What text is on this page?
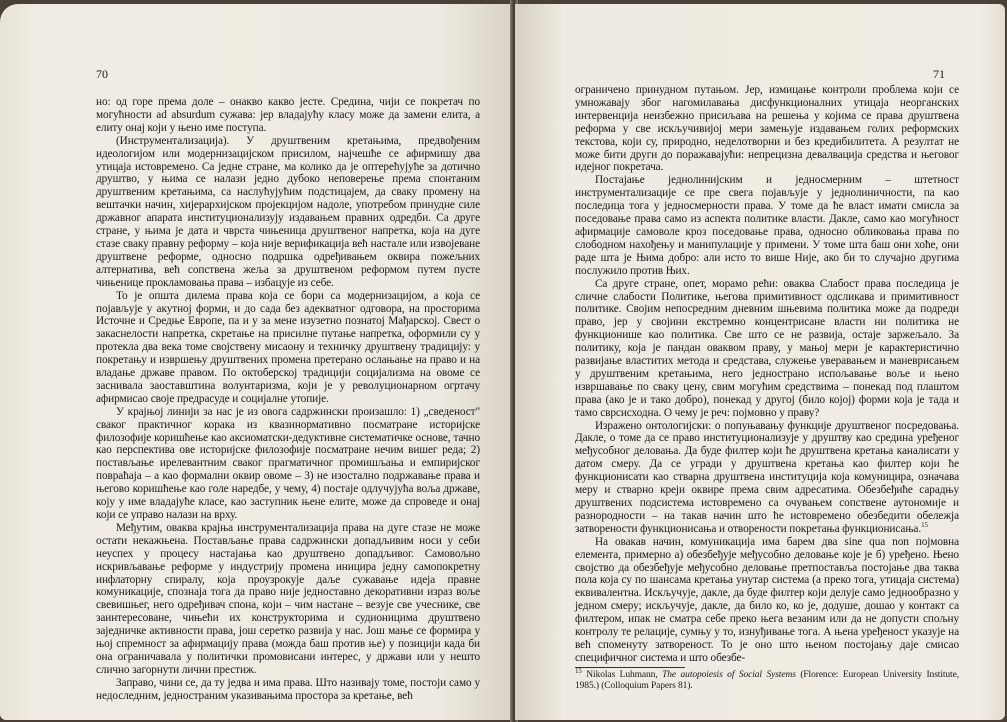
70

но: од горе према доле – онакво какво јесте. Средина, чији се покретач по могућности ad absurdum сужава: јер владајућу класу може да замени елита, а елиту онај који у њено име поступа.

(Инструментализација). У друштвеним кретањима, предвођеним идеологијом или модернизацијском присилом, најчешће се афирмишу два утицаја истовремено. Са једне стране, ма колико да је оптерећујуће за дотично друштво, у њима се налази једно дубоко неповерење према спонтаним друштвеним кретањима, са наслућујућим подстицајем, да сваку промену на вештачки начин, хијерархијском пројекцијом надоле, употребом принудне силе државног апарата институционализују издавањем правних одредби. Са друге стране, у њима је дата и чврста чињеница друштвеног напретка, која на дуге стазе сваку правну реформу – која није верификација већ настале или извојеване друштвене реформе, односно подршка одређивањем оквира пожељних алтернатива, већ сопствена жеља за друштвеном реформом путем пусте чињенице прокламовања права – избацује из себе.

То је општа дилема права која се бори са модернизацијом, а која се појављује у акутној форми, и до сада без адекватног одговора, на просторима Источне и Средње Европе, па и у за мене изузетно познатој Мађарској. Свест о закаснелости напретка, скретање на присилне путање напретка, оформили су у протекла два века томе својствену мисаону и техничку друштвену традицију: у покретању и извршењу друштвених промена претерано ослањање на право и на владање државе правом. По октоберској традицији социјализма на овоме се заснивала заоставштина волунтаризма, који је у револуционарном огртачу афирмисао своје предрасуде и социјалне утопије.

У крајњој линији за нас је из овога садржински произашло: 1) „сведеност" сваког практичног корака из квазинормативно посматране историјске филозофије коришћење као аксиоматски-дедуктивне систематичке основе, тачно као перспектива ове историјске филозофије посматране нечим вишег реда; 2) постављање ирелевантним сваког прагматичног промишљања и емпиријског повраћаја – а као формални оквир овоме – 3) не изостално подржавање права и његово коришћење као голе наредбе, у чему, 4) постаје одлучујућа воља државе, коју у име владајуће класе, као заступник њене елите, може да спроведе и онај који се управо налази на врху.

Међутим, оваква крајња инструментализација права на дуге стазе не може остати некажњена. Постављање права садржински допадљивим носи у себи неуспех у процесу настајања као друштвено допадљивог. Самовољно искривљавање реформе у индустрију промена иницира једну самопокретну инфлаторну спиралу, која проузрокује даље сужавање идеја правне комуникације, спознаја тога да право није једноставно декоративни израз воље свевишњег, него одређивач спона, који – чим настане – везује све учеснике, све заинтересоване, чињећи их конструкторима и судионицима друштвено заједничке активности права, још серетко развија у нас. Још мање се формира у њој спремност за афирмацију права (можда баш против ње) у позицији када би она ограничавала у политички промовисани интерес, у држави или у нешто слично загорнути лични престиж.

Заправо, чини се, да ту једва и има права. Што називају томе, постоји само у недоследним, једностраним указивањима простора за кретање, већ

71

ограничено принудном путањом. Јер, измицање контроли проблема који се умножавају због нагомилавања дисфункционалних утицаја неорганских интервенција неизбежно присиљава на решења у којима се права друштвена реформа у све искључивијој мери замењује издавањем голих реформских текстова, који су, природно, неделотворни и без кредибилитета. А резултат не може бити други до поражавајући: непрецизна девалвација средства и његовог идејног покретача.

Постајање једнолинијским и једносмерним – штетност инструментализације се пре свега појављује у једнолиничности, па као последица тога у једносмерности права. У томе да ће власт имати смисла за поседовање права само из аспекта политике власти. Дакле, само као могућност афирмације самоволе кроз поседовање права, односно обликовања права по слободном нахођењу и манипулацијe у примени. У томе шта баш они хоће, они раде шта је Њима добро: али исто то више Није, ако би то случајно другима послужило против Њих.

Са друге стране, опет, морамо рећи: оваква Слабост права последица је сличне слабости Политике, његова примитивност одсликава и примитивност политике. Својим непосредним дневним шњевима политика може да подреди право, јер у својини екстремно концентрисане власти ни политика не функционише као политика. Све што се не развија, остаје заржељало. За политику, која је пандан оваквом праву, у мањој мери је карактеристично развијање властитих метода и средстава, служење уверавањем и маневрисањем у друштвеним кретањима, него једнострано испољавање воље и њено извршавање по свакy цену, свим могућим средствима – понекад под плаштом права (ако је и тако добро), понекад у другој (било којој) форми која је тада и тамо сврсисходна. О чему је реч: појмовно у праву?

Изражено онтологијски: о попуњавању функције друштвеног посредовања. Дакле, о томе да се право институционализује у друштву као средина уређеног међусобног деловања. Да буде филтер који ће друштвена кретања каналисати у датом смеру. Да се угради у друштвена кретања као филтер који ће функционисати као стварна друштвена институција која комуницира, означава меру и стварно креји оквире према свим адресатима. Обезбеђиће сарадњу друштвених подсистема истовремено са очувањем сопствене аутономије и разнородности – на такав начин што ће истовремено обезбедити обележја затворености функционисања и отворености покретања функционисања.$^{15}$

На овакав начин, комуникација има барем два sine qua non појмовна елемента, примерно а) обезбеђује међусобно деловање које је б) уређено. Њено својство да обезбеђује међусобно деловање претпоставља постојање два таква пола која су по шансама кретања унутар система (а преко тога, утицаја система) еквивалентна. Искључује, дакле, да буде филтер који делује само једнообразно у једном смеру; искључује, дакле, да било ко, ко је, додуше, дошао у контакт са филтером, ипак не сматра себе преко њега везаним или да не допусти спољну контролу те релације, сумњу у то, изнуђивање тога. А њена уређеност указује на већ споменуту затвореност. То је оно што њеном постојању даје смисао специфичног система и што обезбе-

$^{15}$ Nikolas Luhmann, The autopoiesis of Social Systems (Florence: European University Institute, 1985.) (Colloquium Papers 81).
